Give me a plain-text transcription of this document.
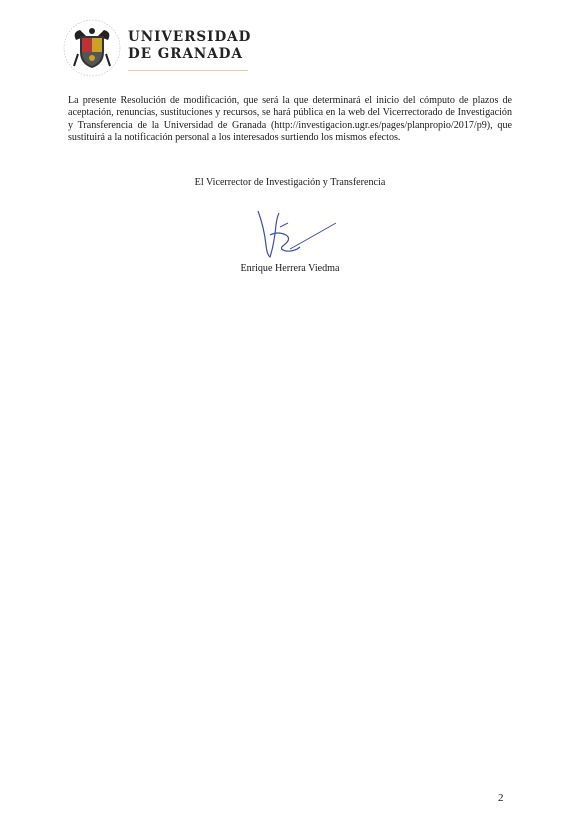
UNIVERSIDAD
DE GRANADA

La presente Resolución de modificación, que será la que determinará el inicio del cómputo de plazos de aceptación, renuncias, sustituciones y recursos, se hará pública en la web del Vicerrectorado de Investigación y Transferencia de la Universidad de Granada (http://investigacion.ugr.es/pages/planpropio/2017/p9), que sustituirá a la notificación personal a los interesados surtiendo los mismos efectos.

El Vicerrector de Investigación y Transferencia
Enrique Herrera Viedma
2
